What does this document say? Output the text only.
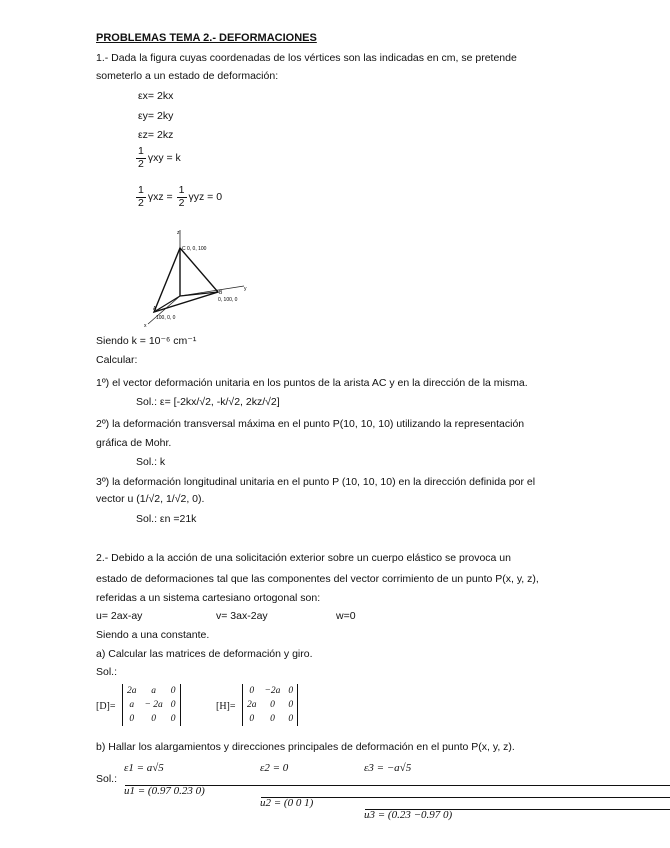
PROBLEMAS TEMA 2.- DEFORMACIONES
1.- Dada la figura cuyas coordenadas de los vértices son las indicadas en cm, se pretende
someterlo a un estado de deformación:
εx= 2kx
εy= 2ky
εz= 2kz
$\frac{1}{2}$ γxy = k
$\frac{1}{2}$ $\gamma xz = \frac{1}{2}$ γyz = 0
C 0, 0, 100
B
0, 100, 0
A
100, 0, 0
x
y
z
Siendo k = 10⁻⁶ cm⁻¹
Calcular:
1º) el vector deformación unitaria en los puntos de la arista AC y en la dirección de la misma.
Sol.: ε= [-2kx/√2, -k/√2, 2kz/√2]
2º) la deformación transversal máxima en el punto P(10, 10, 10) utilizando la representación
gráfica de Mohr.
Sol.: k
3º) la deformación longitudinal unitaria en el punto P (10, 10, 10) en la dirección definida por el
vector u (1/√2, 1/√2, 0).
Sol.: εn =21k
2.- Debido a la acción de una solicitación exterior sobre un cuerpo elástico se provoca un
estado de deformaciones tal que las componentes del vector corrimiento de un punto P(x, y, z),
referidas a un sistema cartesiano ortogonal son:
u= 2ax-ay	v= 3ax-2ay	w=0
Siendo a una constante.
a) Calcular las matrices de deformación y giro.
Sol.:
[D]=
2a	a	0
a	− 2a	0
0	0	0
[H]=
0	−2a	0
2a	0	0
0	0	0
b) Hallar los alargamientos y direcciones principales de deformación en el punto P(x, y, z).
Sol.:
ε1 = a√5	ε2 = 0	ε3 = −a√5
u1 = (0.97 0.23 0)
u2 = (0 0 1)
u3 = (0.23 −0.97 0)
